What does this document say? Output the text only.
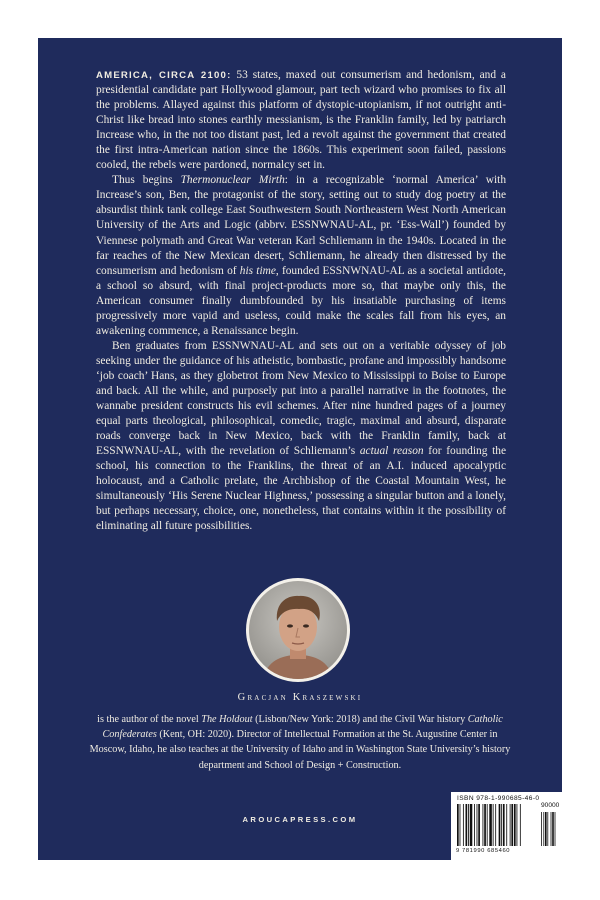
AMERICA, CIRCA 2100: 53 states, maxed out consumerism and hedonism, and a presidential candidate part Hollywood glamour, part tech wizard who promises to fix all the problems. Allayed against this platform of dystopic-utopianism, if not outright anti-Christ like bread into stones earthly messianism, is the Franklin family, led by patriarch Increase who, in the not too distant past, led a revolt against the government that created the first intra-American nation since the 1860s. This experiment soon failed, passions cooled, the rebels were pardoned, normalcy set in.

Thus begins Thermonuclear Mirth: in a recognizable ‘normal America’ with Increase’s son, Ben, the protagonist of the story, setting out to study dog poetry at the absurdist think tank college East Southwestern South Northeastern West North American University of the Arts and Logic (abbrv. ESSNWNAU-AL, pr. ‘Ess-Wall’) founded by Viennese polymath and Great War veteran Karl Schliemann in the 1940s. Located in the far reaches of the New Mexican desert, Schliemann, he already then distressed by the consumerism and hedonism of his time, founded ESSNWNAU-AL as a societal antidote, a school so absurd, with final project-products more so, that maybe only this, the American consumer finally dumbfounded by his insatiable purchasing of items progressively more vapid and useless, could make the scales fall from his eyes, an awakening commence, a Renaissance begin.

Ben graduates from ESSNWNAU-AL and sets out on a veritable odyssey of job seeking under the guidance of his atheistic, bombastic, profane and impossibly handsome ‘job coach’ Hans, as they globetrot from New Mexico to Mississippi to Boise to Europe and back. All the while, and purposely put into a parallel narrative in the footnotes, the wannabe president constructs his evil schemes. After nine hundred pages of a journey equal parts theological, philosophical, comedic, tragic, maximal and absurd, disparate roads converge back in New Mexico, back with the Franklin family, back at ESSNWNAU-AL, with the revelation of Schliemann’s actual reason for founding the school, his connection to the Franklins, the threat of an A.I. induced apocalyptic holocaust, and a Catholic prelate, the Archbishop of the Coastal Mountain West, he simultaneously ‘His Serene Nuclear Highness,’ possessing a singular button and a lonely, but perhaps necessary, choice, one, nonetheless, that contains within it the possibility of eliminating all future possibilities.

Gracjan Kraszewski
is the author of the novel The Holdout (Lisbon/New York: 2018) and the Civil War history Catholic Confederates (Kent, OH: 2020). Director of Intellectual Formation at the St. Augustine Center in Moscow, Idaho, he also teaches at the University of Idaho and in Washington State University’s history department and School of Design + Construction.
AROUCAPRESS.COM
ISBN 978-1-990685-46-0
90000
9 781990 685460
